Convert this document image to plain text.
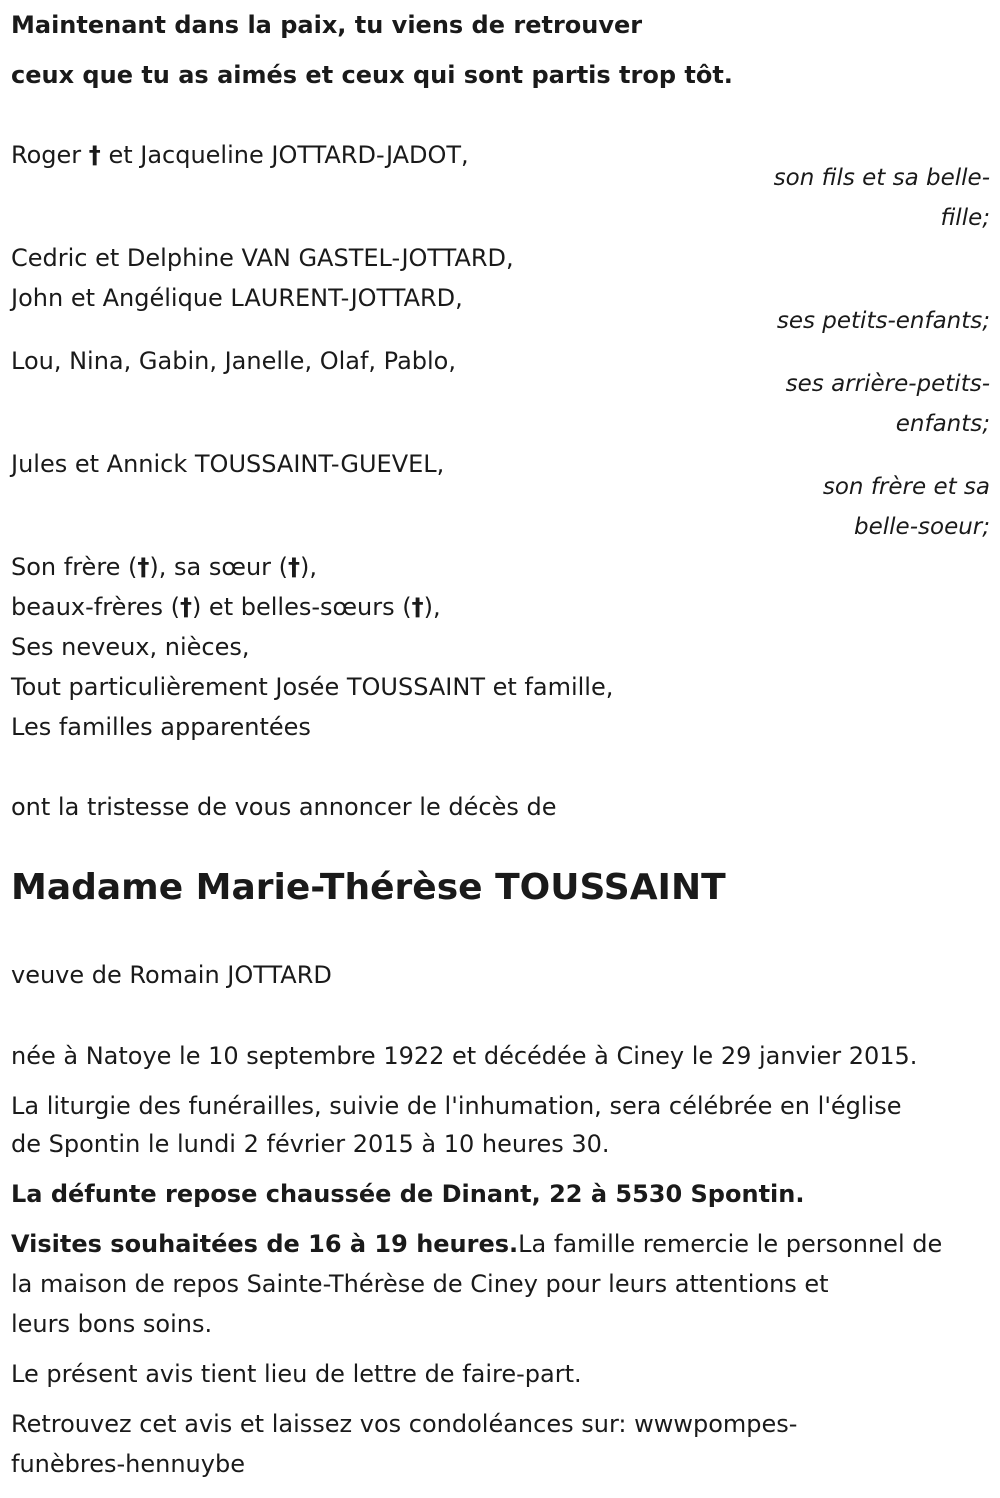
Maintenant dans la paix, tu viens de retrouver
ceux que tu as aimés et ceux qui sont partis trop tôt.
Roger † et Jacqueline JOTTARD-JADOT,
son fils et sa belle-
fille;
Cedric et Delphine VAN GASTEL-JOTTARD,
John et Angélique LAURENT-JOTTARD,
ses petits-enfants;
Lou, Nina, Gabin, Janelle, Olaf, Pablo,
ses arrière-petits-
enfants;
Jules et Annick TOUSSAINT-GUEVEL,
son frère et sa
belle-soeur;
Son frère (†), sa sœur (†),
beaux-frères (†) et belles-sœurs (†),
Ses neveux, nièces,
Tout particulièrement Josée TOUSSAINT et famille,
Les familles apparentées
ont la tristesse de vous annoncer le décès de
Madame Marie-Thérèse TOUSSAINT
veuve de Romain JOTTARD
née à Natoye le 10 septembre 1922 et décédée à Ciney le 29 janvier 2015.
La liturgie des funérailles, suivie de l'inhumation, sera célébrée en l'église
de Spontin le lundi 2 février 2015 à 10 heures 30.
La défunte repose chaussée de Dinant, 22 à 5530 Spontin.
Visites souhaitées de 16 à 19 heures.La famille remercie le personnel de
la maison de repos Sainte-Thérèse de Ciney pour leurs attentions et
leurs bons soins.
Le présent avis tient lieu de lettre de faire-part.
Retrouvez cet avis et laissez vos condoléances sur: wwwpompes-
funèbres-hennuybe
